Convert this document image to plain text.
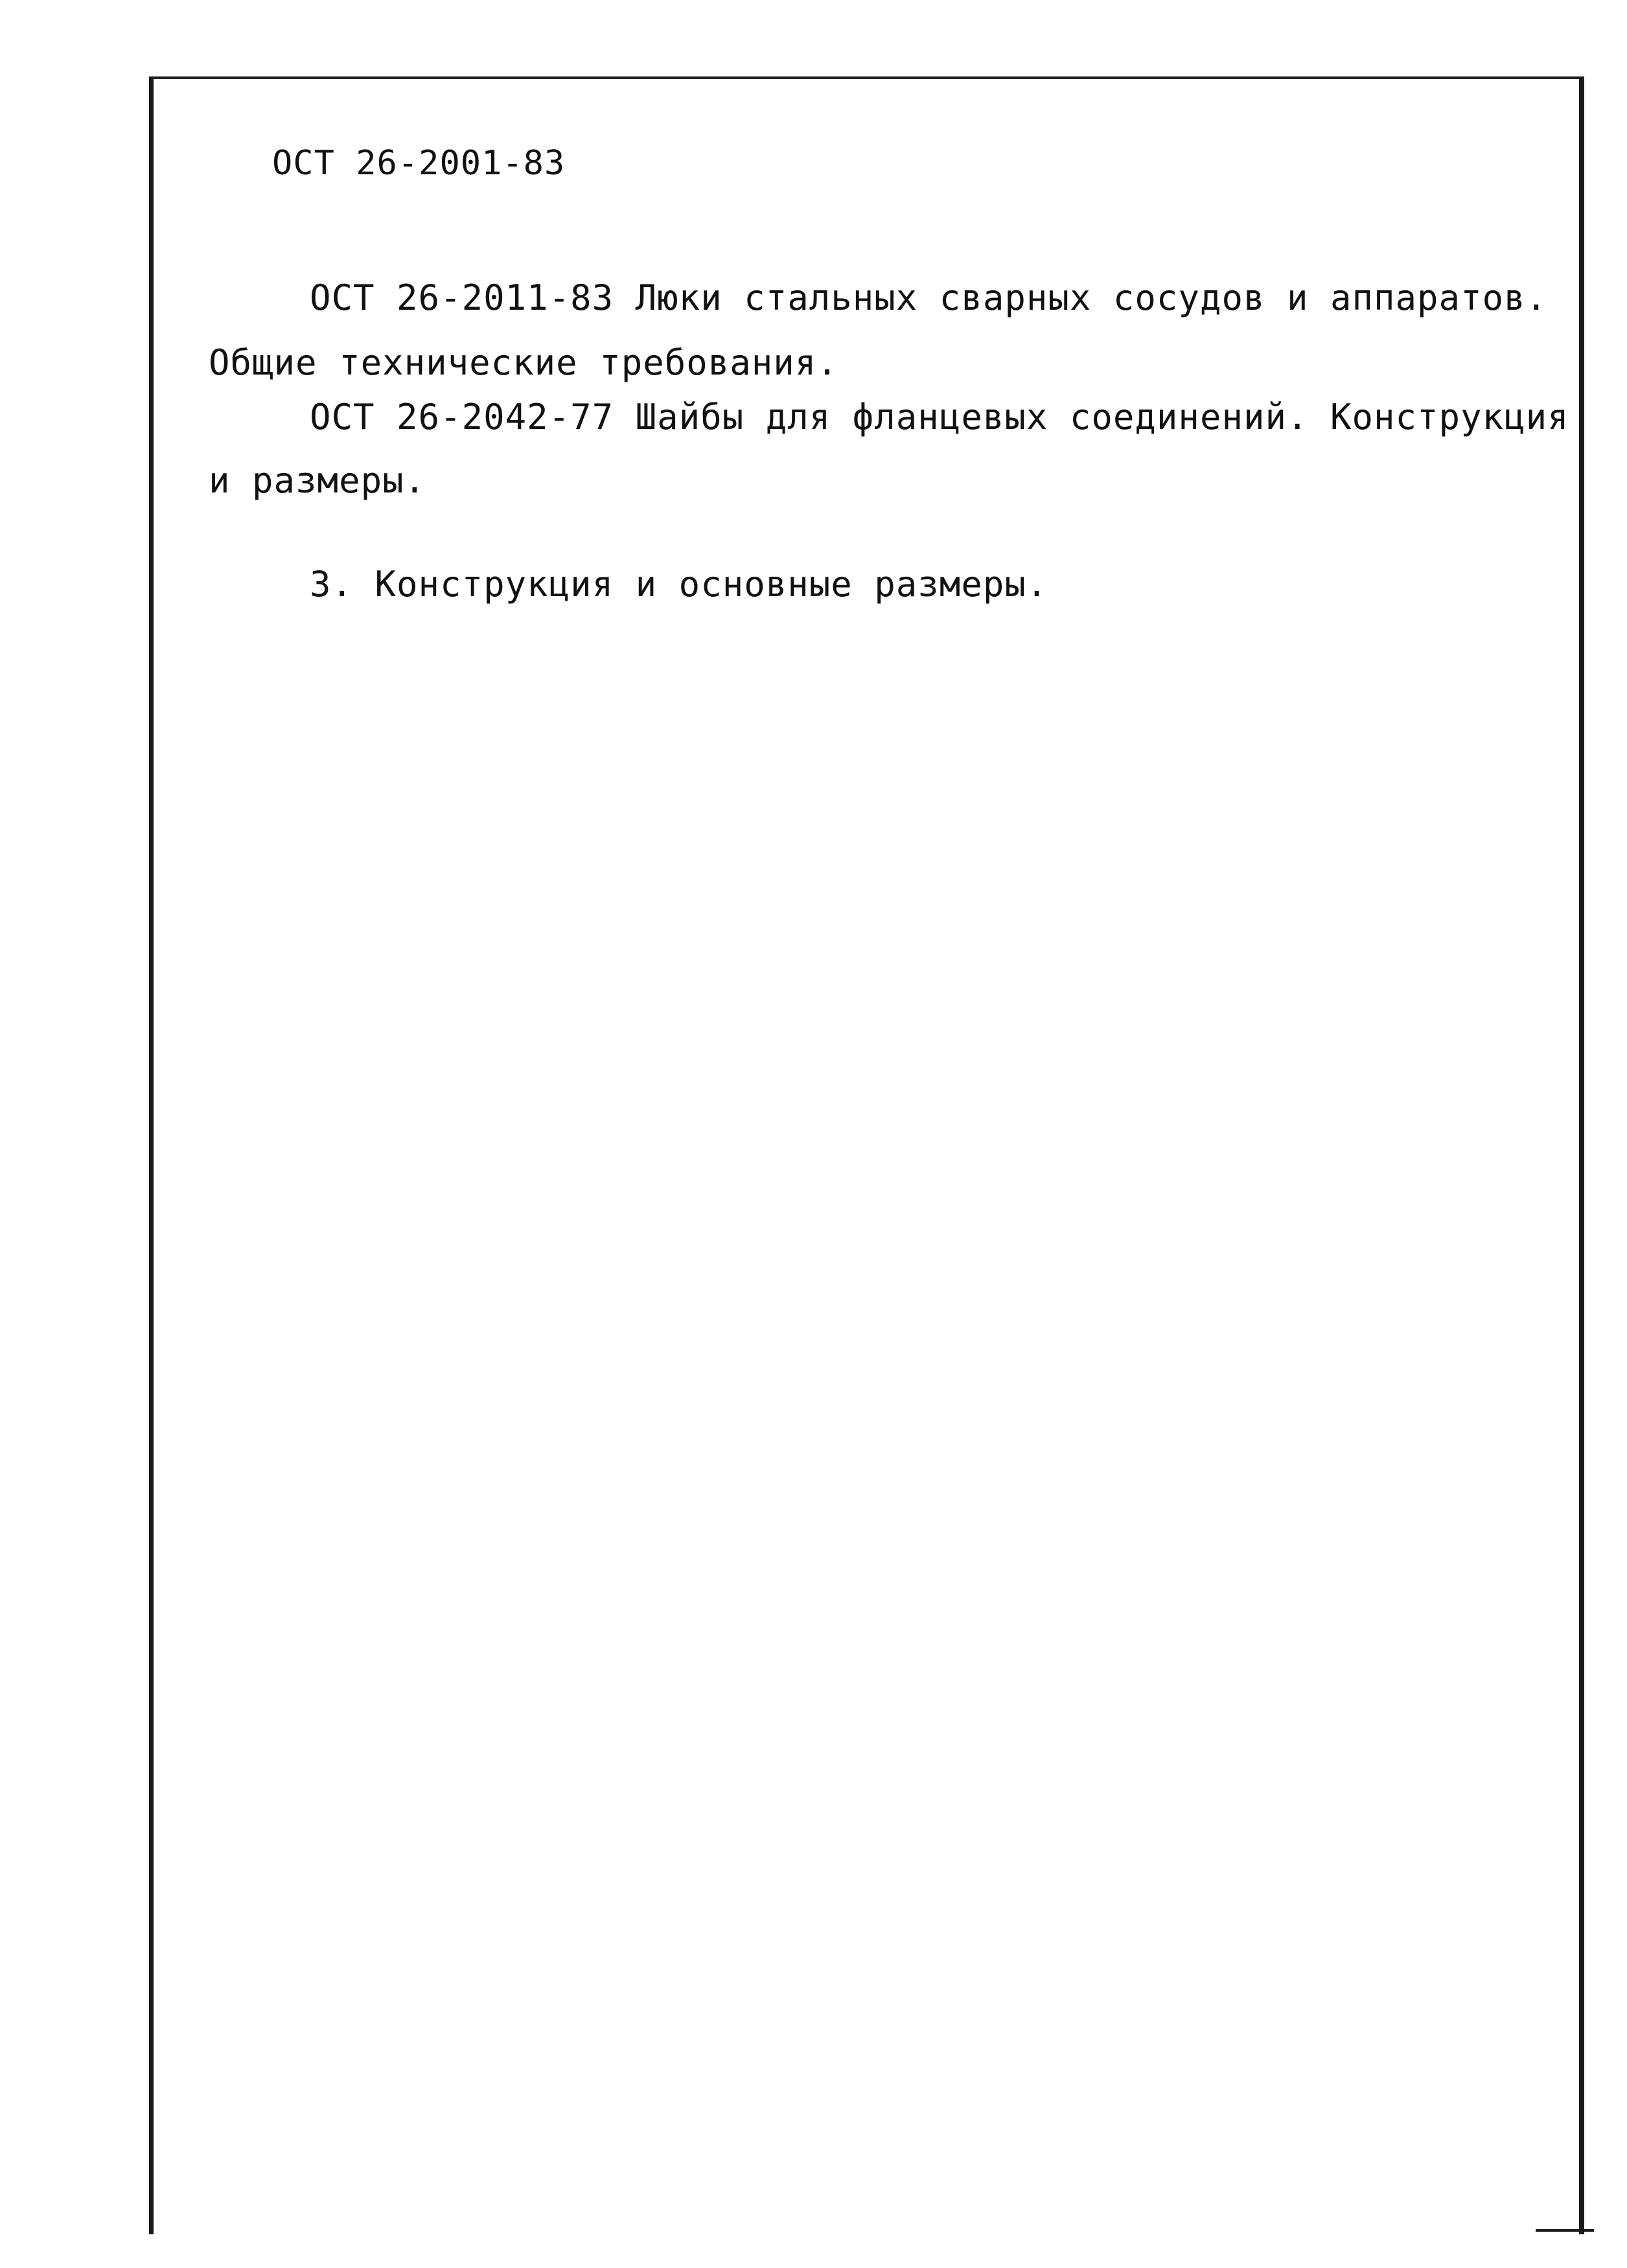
ОСТ 26-2001-83
ОСТ 26-2011-83 Люки стальных сварных сосудов и аппаратов.
Общие технические требования.
ОСТ 26-2042-77 Шайбы для фланцевых соединений. Конструкция
и размеры.
3. Конструкция и основные размеры.
